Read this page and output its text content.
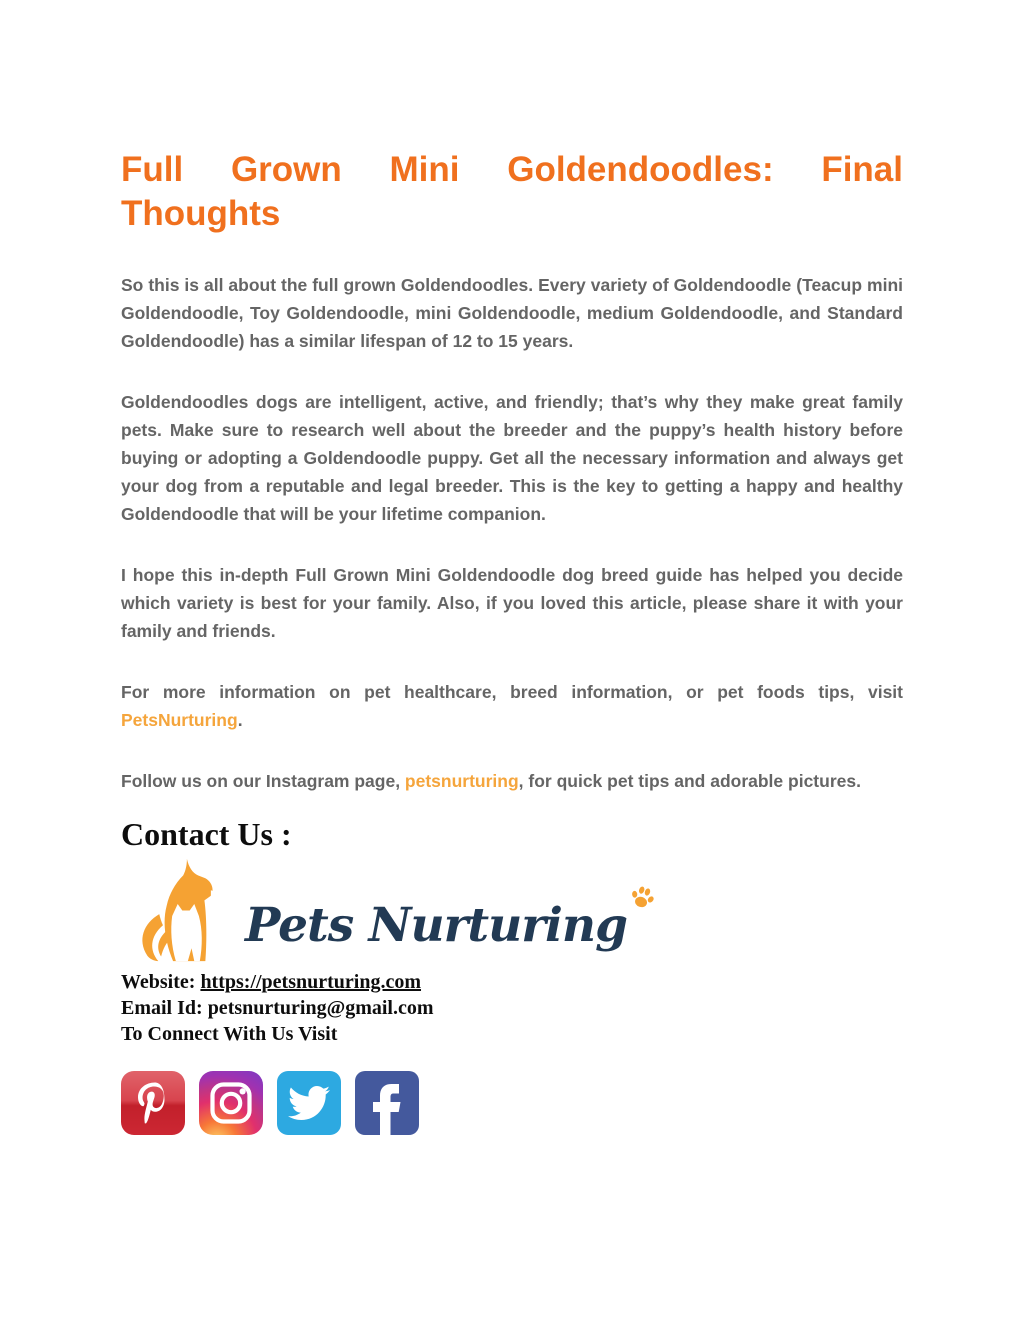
Full Grown Mini Goldendoodles: Final Thoughts

So this is all about the full grown Goldendoodles. Every variety of Goldendoodle (Teacup mini Goldendoodle, Toy Goldendoodle, mini Goldendoodle, medium Goldendoodle, and Standard Goldendoodle) has a similar lifespan of 12 to 15 years.

Goldendoodles dogs are intelligent, active, and friendly; that’s why they make great family pets. Make sure to research well about the breeder and the puppy’s health history before buying or adopting a Goldendoodle puppy. Get all the necessary information and always get your dog from a reputable and legal breeder. This is the key to getting a happy and healthy Goldendoodle that will be your lifetime companion.

I hope this in-depth Full Grown Mini Goldendoodle dog breed guide has helped you decide which variety is best for your family. Also, if you loved this article, please share it with your family and friends.

For more information on pet healthcare, breed information, or pet foods tips, visit PetsNurturing.

Follow us on our Instagram page, petsnurturing, for quick pet tips and adorable pictures.

Contact Us :
Pets Nurturing

Website: https://petsnurturing.com

Email Id: petsnurturing@gmail.com

To Connect With Us Visit
